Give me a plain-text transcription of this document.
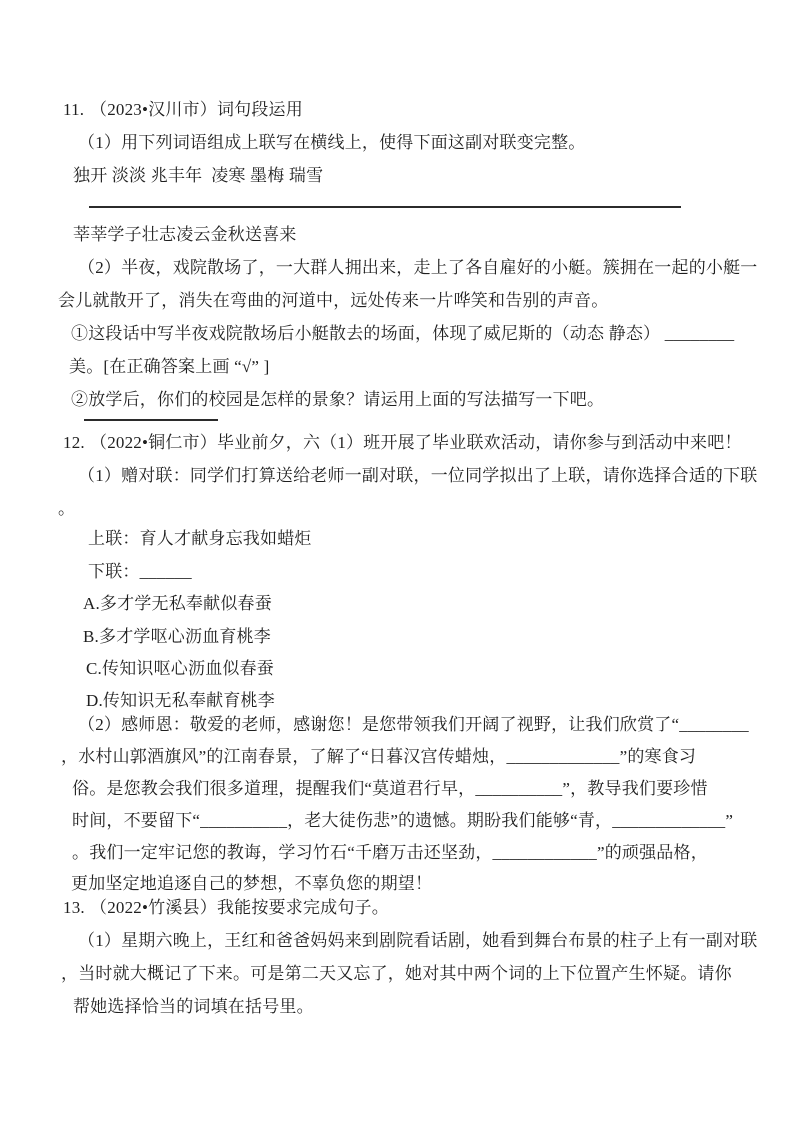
11. （2023•汉川市）词句段运用
（1）用下列词语组成上联写在横线上，使得下面这副对联变完整。
独开 淡淡 兆丰年  凌寒 墨梅 瑞雪
莘莘学子壮志凌云金秋送喜来
（2）半夜，戏院散场了，一大群人拥出来，走上了各自雇好的小艇。簇拥在一起的小艇一
会儿就散开了，消失在弯曲的河道中，远处传来一片哗笑和告别的声音。
①这段话中写半夜戏院散场后小艇散去的场面，体现了威尼斯的（动态 静态） ________
美。[在正确答案上画 “√” ]
②放学后，你们的校园是怎样的景象？请运用上面的写法描写一下吧。
12. （2022•铜仁市）毕业前夕，六（1）班开展了毕业联欢活动，请你参与到活动中来吧！
（1）赠对联：同学们打算送给老师一副对联，一位同学拟出了上联，请你选择合适的下联
。
上联：育人才献身忘我如蜡炬
下联：______
A.多才学无私奉献似春蚕
B.多才学呕心沥血育桃李
C.传知识呕心沥血似春蚕
D.传知识无私奉献育桃李
（2）感师恩：敬爱的老师，感谢您！是您带领我们开阔了视野，让我们欣赏了“________
，水村山郭酒旗风”的江南春景，了解了“日暮汉宫传蜡烛，_____________”的寒食习
俗。是您教会我们很多道理，提醒我们“莫道君行早，__________”，教导我们要珍惜
时间，不要留下“__________，老大徒伤悲”的遗憾。期盼我们能够“青，_____________”
。我们一定牢记您的教诲，学习竹石“千磨万击还坚劲，____________”的顽强品格，
更加坚定地追逐自己的梦想，不辜负您的期望！
13. （2022•竹溪县）我能按要求完成句子。
（1）星期六晚上，王红和爸爸妈妈来到剧院看话剧，她看到舞台布景的柱子上有一副对联
，当时就大概记了下来。可是第二天又忘了，她对其中两个词的上下位置产生怀疑。请你
帮她选择恰当的词填在括号里。
